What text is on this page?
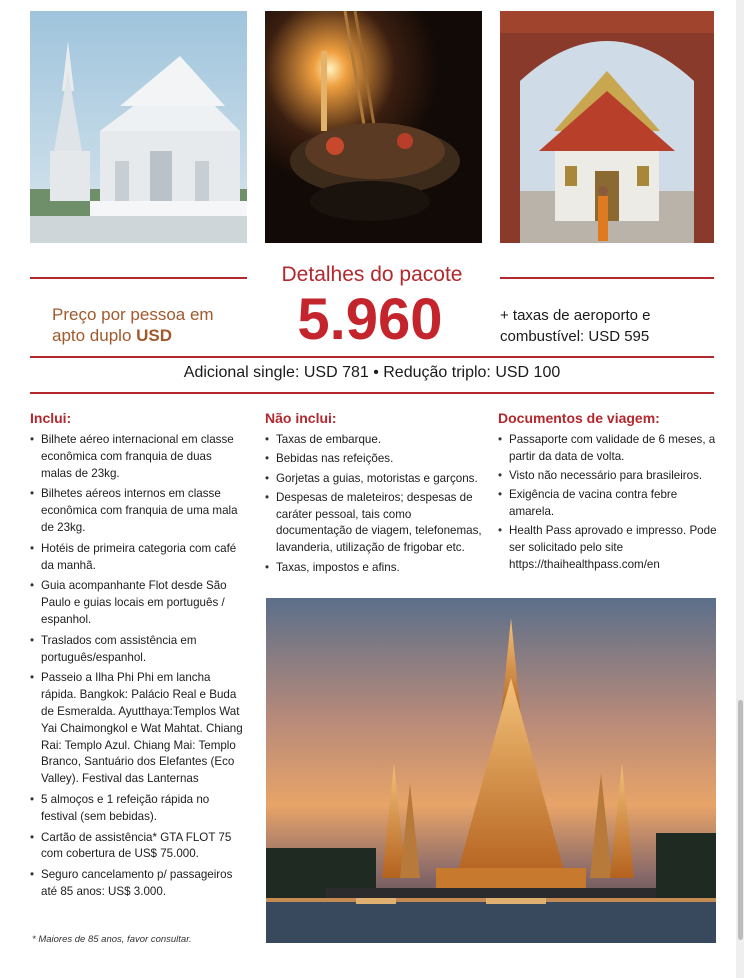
Detalhes do pacote
Preço por pessoa em
apto duplo USD	5.960	+ taxas de aeroporto e
combustível: USD 595
Adicional single: USD 781 • Redução triplo: USD 100
Inclui:
• Bilhete aéreo internacional em classe econômica com franquia de duas malas de 23kg.
• Bilhetes aéreos internos em classe econômica com franquia de uma mala de 23kg.
• Hotéis de primeira categoria com café da manhã.
• Guia acompanhante Flot desde São Paulo e guias locais em português / espanhol.
• Traslados com assistência em português/espanhol.
• Passeio a Ilha Phi Phi em lancha rápida. Bangkok: Palácio Real e Buda de Esmeralda. Ayutthaya:Templos Wat Yai Chaimongkol e Wat Mahtat. Chiang Rai: Templo Azul. Chiang Mai: Templo Branco, Santuário dos Elefantes (Eco Valley). Festival das Lanternas
• 5 almoços e 1 refeição rápida no festival (sem bebidas).
• Cartão de assistência* GTA FLOT 75 com cobertura de US$ 75.000.
• Seguro cancelamento p/ passageiros até 85 anos: US$ 3.000.
* Maiores de 85 anos, favor consultar.
Não inclui:
• Taxas de embarque.
• Bebidas nas refeições.
• Gorjetas a guias, motoristas e garçons.
• Despesas de maleteiros; despesas de caráter pessoal, tais como documentação de viagem, telefonemas, lavanderia, utilização de frigobar etc.
• Taxas, impostos e afins.
Documentos de viagem:
• Passaporte com validade de 6 meses, a partir da data de volta.
• Visto não necessário para brasileiros.
• Exigência de vacina contra febre amarela.
• Health Pass aprovado e impresso. Pode ser solicitado pelo site https://thaihealthpass.com/en
